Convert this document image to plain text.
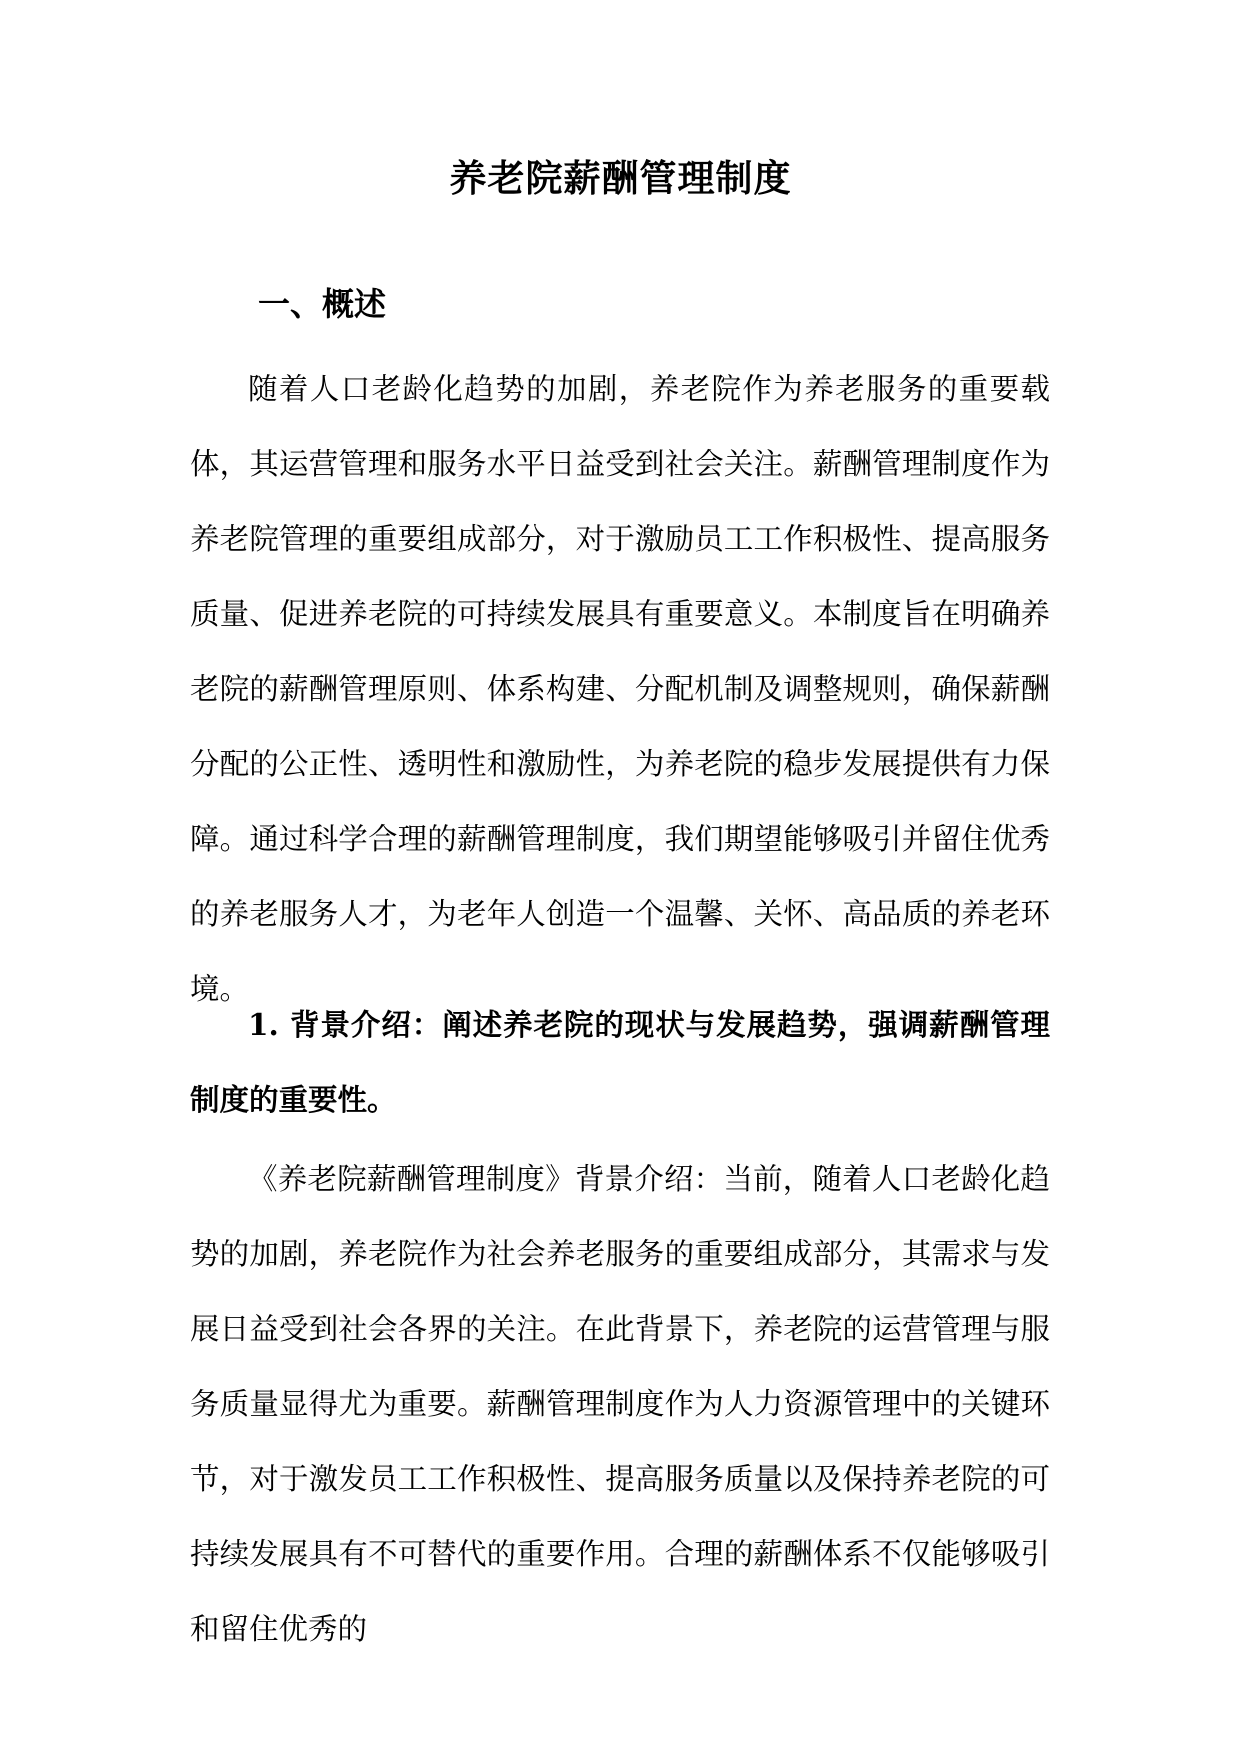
养老院薪酬管理制度
一、概述

随着人口老龄化趋势的加剧，养老院作为养老服务的重要载体，其运营管理和服务水平日益受到社会关注。薪酬管理制度作为养老院管理的重要组成部分，对于激励员工工作积极性、提高服务质量、促进养老院的可持续发展具有重要意义。本制度旨在明确养老院的薪酬管理原则、体系构建、分配机制及调整规则，确保薪酬分配的公正性、透明性和激励性，为养老院的稳步发展提供有力保障。通过科学合理的薪酬管理制度，我们期望能够吸引并留住优秀的养老服务人才，为老年人创造一个温馨、关怀、高品质的养老环境。

1. 背景介绍：阐述养老院的现状与发展趋势，强调薪酬管理制度的重要性。

《养老院薪酬管理制度》背景介绍：当前，随着人口老龄化趋势的加剧，养老院作为社会养老服务的重要组成部分，其需求与发展日益受到社会各界的关注。在此背景下，养老院的运营管理与服务质量显得尤为重要。薪酬管理制度作为人力资源管理中的关键环节，对于激发员工工作积极性、提高服务质量以及保持养老院的可持续发展具有不可替代的重要作用。合理的薪酬体系不仅能够吸引和留住优秀的
